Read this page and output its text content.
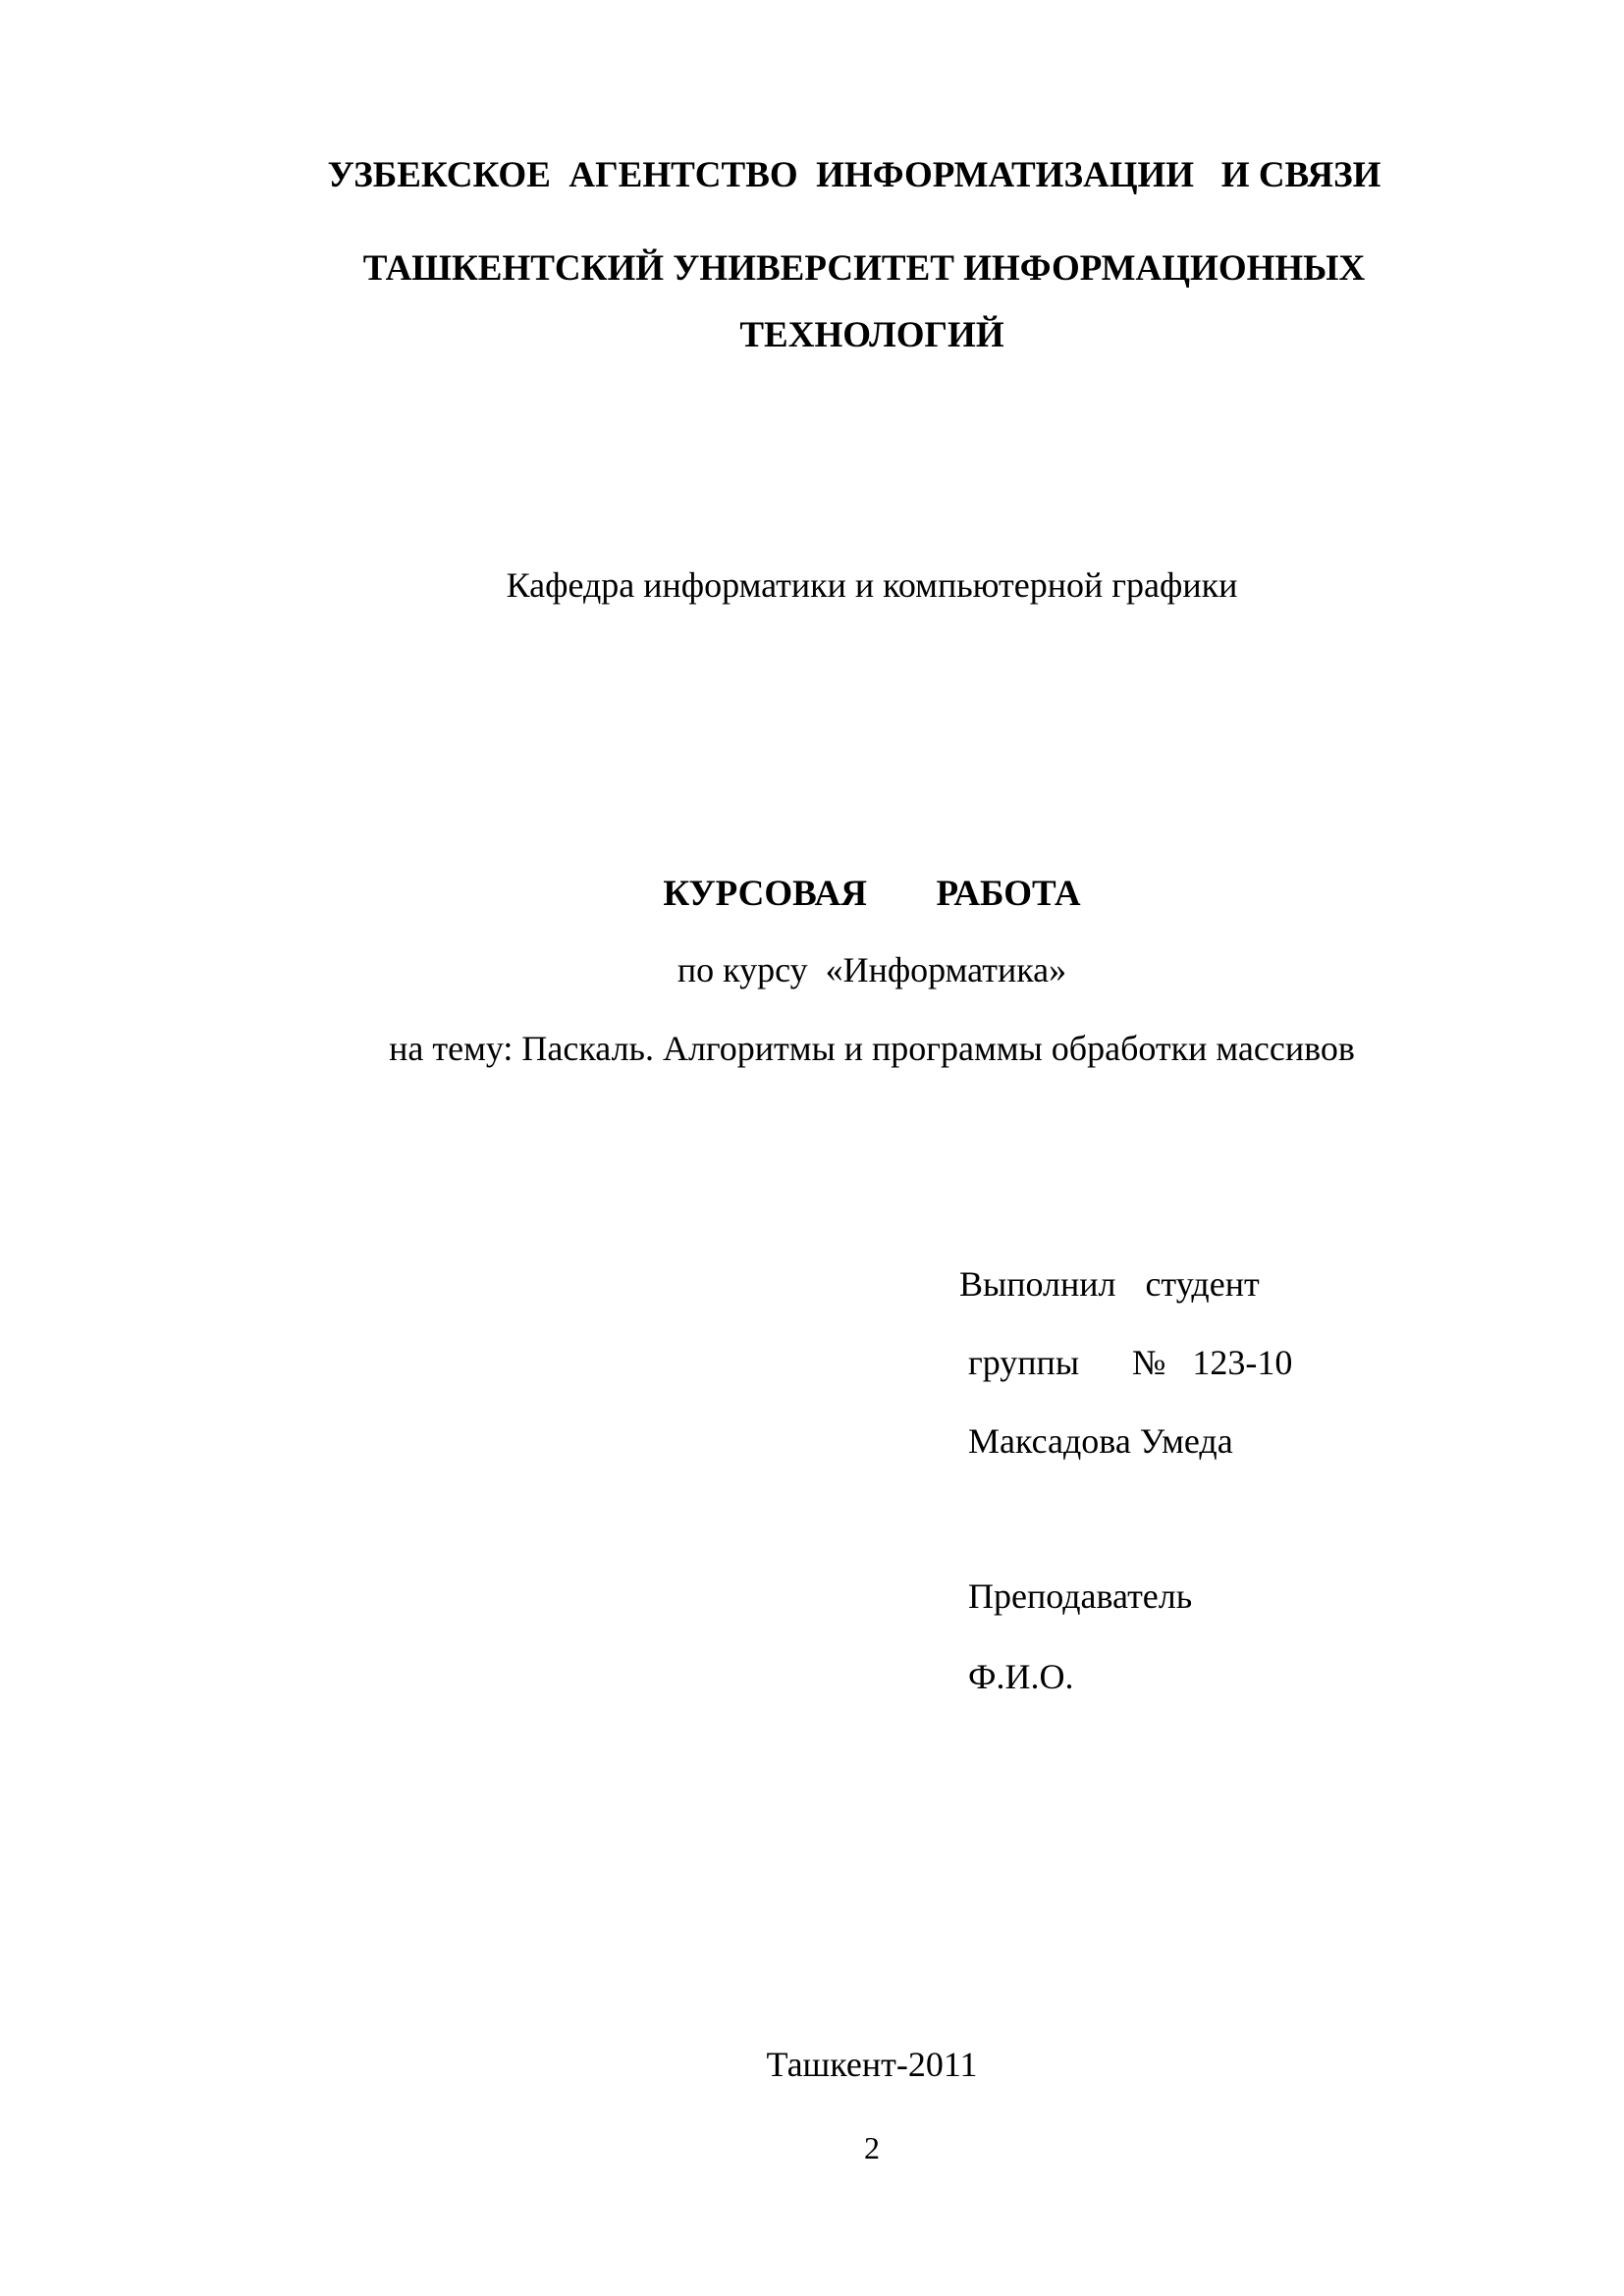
УЗБЕКСКОЕ  АГЕНТСТВО  ИНФОРМАТИЗАЦИИ   И СВЯЗИ
ТАШКЕНТСКИЙ УНИВЕРСИТЕТ ИНФОРМАЦИОННЫХ
ТЕХНОЛОГИЙ
Кафедра информатики и компьютерной графики
КУРСОВАЯ  РАБОТА
по курсу  «Информатика»
на тему: Паскаль. Алгоритмы и программы обработки массивов
Выполнил  студент
группы  № 123-10
Максадова Умеда
Преподаватель
Ф.И.О.
Ташкент-2011
2
